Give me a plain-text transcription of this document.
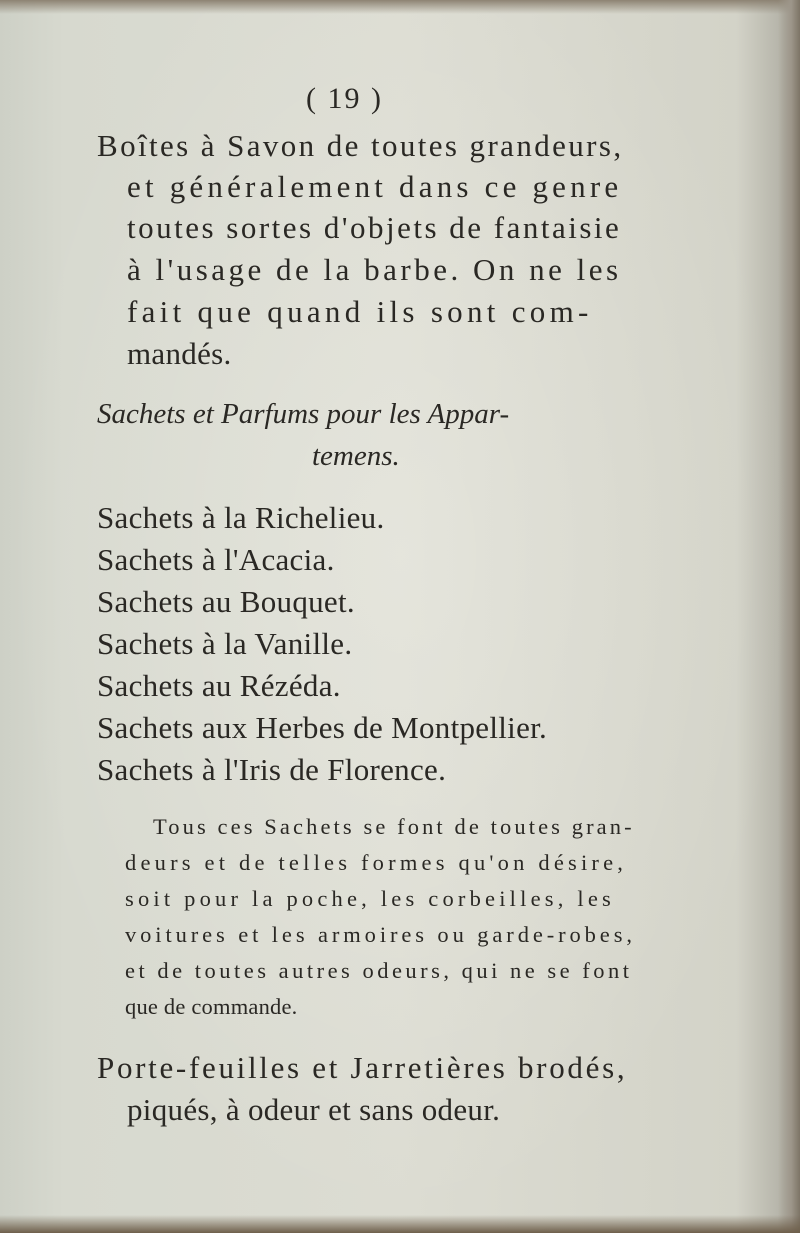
( 19 )
Boîtes à Savon de toutes grandeurs,
et généralement dans ce genre
toutes sortes d'objets de fantaisie
à l'usage de la barbe. On ne les
fait que quand ils sont com-
mandés.
Sachets et Parfums pour les Appar-
temens.
Sachets à la Richelieu.
Sachets à l'Acacia.
Sachets au Bouquet.
Sachets à la Vanille.
Sachets au Rézéda.
Sachets aux Herbes de Montpellier.
Sachets à l'Iris de Florence.
Tous ces Sachets se font de toutes gran-
deurs et de telles formes qu'on désire,
soit pour la poche, les corbeilles, les
voitures et les armoires ou garde-robes,
et de toutes autres odeurs, qui ne se font
que de commande.
Porte-feuilles et Jarretières brodés,
piqués, à odeur et sans odeur.
